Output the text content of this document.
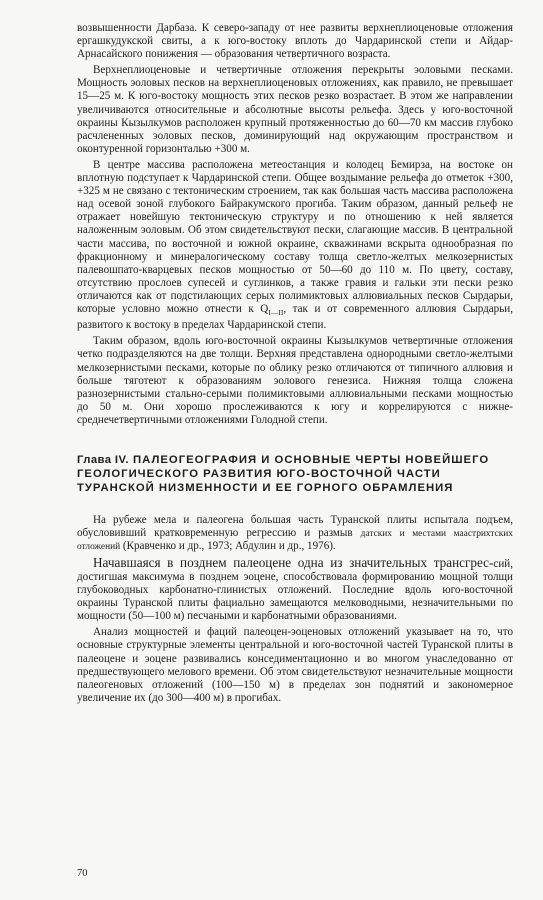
возвышенности Дарбаза. К северо-западу от нее развиты верхнеплиоценовые отложения ергашкудукской свиты, а к юго-востоку вплоть до Чардаринской степи и Айдар-Арнасайского понижения — образования четвертичного возраста.

Верхнеплиоценовые и четвертичные отложения перекрыты эоловыми песками. Мощность эоловых песков на верхнеплиоценовых отложениях, как правило, не превышает 15—25 м. К юго-востоку мощность этих песков резко возрастает. В этом же направлении увеличиваются относительные и абсолютные высоты рельефа. Здесь у юго-восточной окраины Кызылкумов расположен крупный протяженностью до 60—70 км массив глубоко расчлененных эоловых песков, доминирующий над окружающим пространством и оконтуренной горизонталью +300 м.

В центре массива расположена метеостанция и колодец Бемирза, на востоке он вплотную подступает к Чардаринской степи. Общее воздымание рельефа до отметок +300, +325 м не связано с тектоническим строением, так как большая часть массива расположена над осевой зоной глубокого Байракумского прогиба. Таким образом, данный рельеф не отражает новейшую тектоническую структуру и по отношению к ней является наложенным эоловым. Об этом свидетельствуют пески, слагающие массив. В центральной части массива, по восточной и южной окраине, скважинами вскрыта однообразная по фракционному и минералогическому составу толща светло-желтых мелкозернистых палевошпато-кварцевых песков мощностью от 50—60 до 110 м. По цвету, составу, отсутствию прослоев супесей и суглинков, а также гравия и гальки эти пески резко отличаются как от подстилающих серых полимиктовых аллювиальных песков Сырдарьи, которые условно можно отнести к $Q_{I—II}$, так и от современного аллювия Сырдарьи, развитого к востоку в пределах Чардаринской степи.

Таким образом, вдоль юго-восточной окраины Кызылкумов четвертичные отложения четко подразделяются на две толщи. Верхняя представлена однородными светло-желтыми мелкозернистыми песками, которые по облику резко отличаются от типичного аллювия и больше тяготеют к образованиям эолового генезиса. Нижняя толща сложена разнозернистыми стально-серыми полимиктовыми аллювиальными песками мощностью до 50 м. Они хорошо прослеживаются к югу и коррелируются с нижне-среднечетвертичными отложениями Голодной степи.

Глава IV. ПАЛЕОГЕОГРАФИЯ И ОСНОВНЫЕ ЧЕРТЫ НОВЕЙШЕГО ГЕОЛОГИЧЕСКОГО РАЗВИТИЯ ЮГО-ВОСТОЧНОЙ ЧАСТИ ТУРАНСКОЙ НИЗМЕННОСТИ И ЕЕ ГОРНОГО ОБРАМЛЕНИЯ

На рубеже мела и палеогена большая часть Туранской плиты испытала подъем, обусловивший кратковременную регрессию и размыв датских и местами маастрихтских отложений (Кравченко и др., 1973; Абдулин и др., 1976).

Начавшаяся в позднем палеоцене одна из значительных трансгрес-сий, достигшая максимума в позднем эоцене, способствовала формированию мощной толщи глубоководных карбонатно-глинистых отложений. Последние вдоль юго-восточной окраины Туранской плиты фациально замещаются мелководными, незначительными по мощности (50—100 м) песчаными и карбонатными образованиями.

Анализ мощностей и фаций палеоцен-эоценовых отложений указывает на то, что основные структурные элементы центральной и юго-восточной частей Туранской плиты в палеоцене и эоцене развивались конседиментационно и во многом унаследованно от предшествующего мелового времени. Об этом свидетельствуют незначительные мощности палеогеновых отложений (100—150 м) в пределах зон поднятий и закономерное увеличение их (до 300—400 м) в прогибах.

70
